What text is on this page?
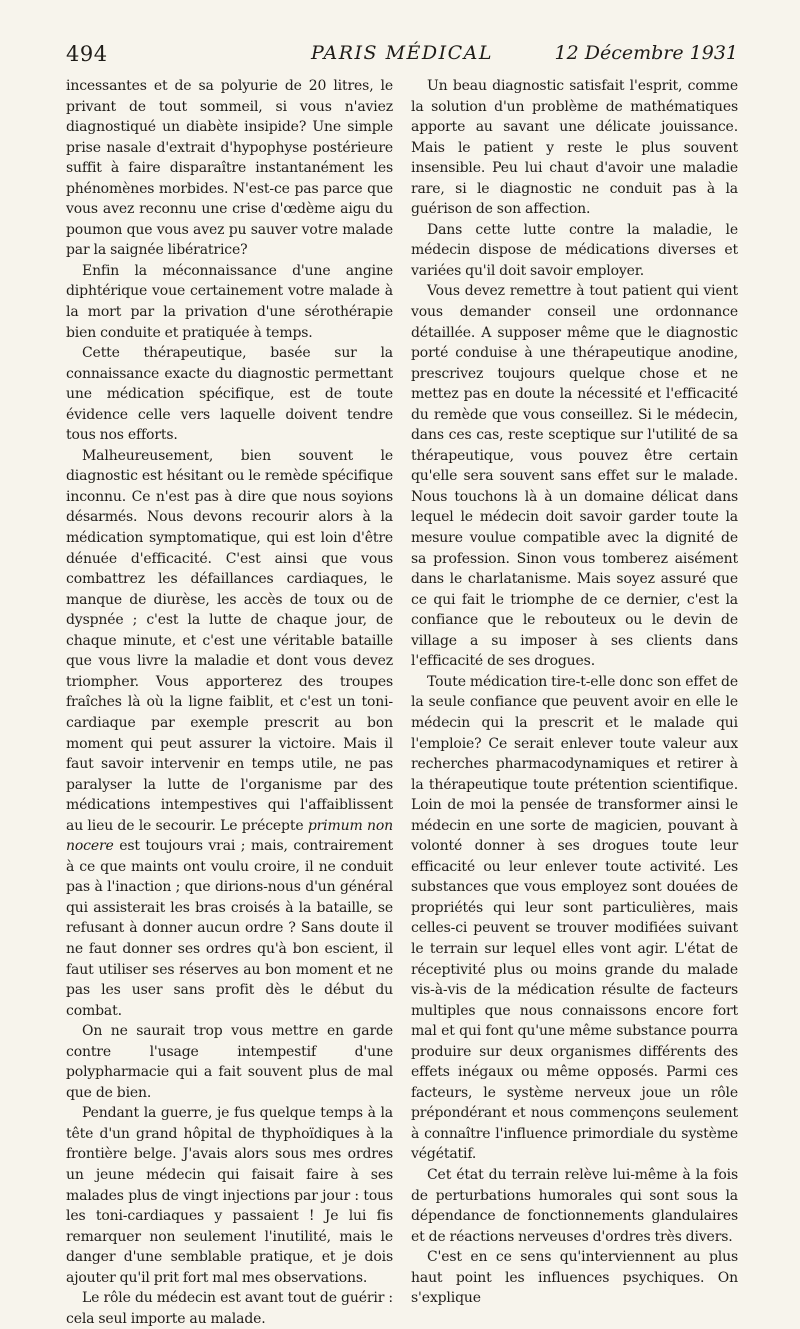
494	PARIS MÉDICAL	12 Décembre 1931

incessantes et de sa polyurie de 20 litres, le privant de tout sommeil, si vous n'aviez diagnostiqué un diabète insipide? Une simple prise nasale d'extrait d'hypophyse postérieure suffit à faire disparaître instantanément les phénomènes morbides. N'est-ce pas parce que vous avez reconnu une crise d'œdème aigu du poumon que vous avez pu sauver votre malade par la saignée libératrice?

Enfin la méconnaissance d'une angine diphtérique voue certainement votre malade à la mort par la privation d'une sérothérapie bien conduite et pratiquée à temps.

Cette thérapeutique, basée sur la connaissance exacte du diagnostic permettant une médication spécifique, est de toute évidence celle vers laquelle doivent tendre tous nos efforts.

Malheureusement, bien souvent le diagnostic est hésitant ou le remède spécifique inconnu. Ce n'est pas à dire que nous soyions désarmés. Nous devons recourir alors à la médication symptomatique, qui est loin d'être dénuée d'efficacité. C'est ainsi que vous combattrez les défaillances cardiaques, le manque de diurèse, les accès de toux ou de dyspnée ; c'est la lutte de chaque jour, de chaque minute, et c'est une véritable bataille que vous livre la maladie et dont vous devez triompher. Vous apporterez des troupes fraîches là où la ligne faiblit, et c'est un toni-cardiaque par exemple prescrit au bon moment qui peut assurer la victoire. Mais il faut savoir intervenir en temps utile, ne pas paralyser la lutte de l'organisme par des médications intempestives qui l'affaiblissent au lieu de le secourir. Le précepte primum non nocere est toujours vrai ; mais, contrairement à ce que maints ont voulu croire, il ne conduit pas à l'inaction ; que dirions-nous d'un général qui assisterait les bras croisés à la bataille, se refusant à donner aucun ordre ? Sans doute il ne faut donner ses ordres qu'à bon escient, il faut utiliser ses réserves au bon moment et ne pas les user sans profit dès le début du combat.

On ne saurait trop vous mettre en garde contre l'usage intempestif d'une polypharmacie qui a fait souvent plus de mal que de bien.

Pendant la guerre, je fus quelque temps à la tête d'un grand hôpital de thyphoïdiques à la frontière belge. J'avais alors sous mes ordres un jeune médecin qui faisait faire à ses malades plus de vingt injections par jour : tous les toni-cardiaques y passaient ! Je lui fis remarquer non seulement l'inutilité, mais le danger d'une semblable pratique, et je dois ajouter qu'il prit fort mal mes observations.

Le rôle du médecin est avant tout de guérir : cela seul importe au malade.

Un beau diagnostic satisfait l'esprit, comme la solution d'un problème de mathématiques apporte au savant une délicate jouissance. Mais le patient y reste le plus souvent insensible. Peu lui chaut d'avoir une maladie rare, si le diagnostic ne conduit pas à la guérison de son affection.

Dans cette lutte contre la maladie, le médecin dispose de médications diverses et variées qu'il doit savoir employer.

Vous devez remettre à tout patient qui vient vous demander conseil une ordonnance détaillée. A supposer même que le diagnostic porté conduise à une thérapeutique anodine, prescrivez toujours quelque chose et ne mettez pas en doute la nécessité et l'efficacité du remède que vous conseillez. Si le médecin, dans ces cas, reste sceptique sur l'utilité de sa thérapeutique, vous pouvez être certain qu'elle sera souvent sans effet sur le malade. Nous touchons là à un domaine délicat dans lequel le médecin doit savoir garder toute la mesure voulue compatible avec la dignité de sa profession. Sinon vous tomberez aisément dans le charlatanisme. Mais soyez assuré que ce qui fait le triomphe de ce dernier, c'est la confiance que le rebouteux ou le devin de village a su imposer à ses clients dans l'efficacité de ses drogues.

Toute médication tire-t-elle donc son effet de la seule confiance que peuvent avoir en elle le médecin qui la prescrit et le malade qui l'emploie? Ce serait enlever toute valeur aux recherches pharmacodynamiques et retirer à la thérapeutique toute prétention scientifique. Loin de moi la pensée de transformer ainsi le médecin en une sorte de magicien, pouvant à volonté donner à ses drogues toute leur efficacité ou leur enlever toute activité. Les substances que vous employez sont douées de propriétés qui leur sont particulières, mais celles-ci peuvent se trouver modifiées suivant le terrain sur lequel elles vont agir. L'état de réceptivité plus ou moins grande du malade vis-à-vis de la médication résulte de facteurs multiples que nous connaissons encore fort mal et qui font qu'une même substance pourra produire sur deux organismes différents des effets inégaux ou même opposés. Parmi ces facteurs, le système nerveux joue un rôle prépondérant et nous commençons seulement à connaître l'influence primordiale du système végétatif.

Cet état du terrain relève lui-même à la fois de perturbations humorales qui sont sous la dépendance de fonctionnements glandulaires et de réactions nerveuses d'ordres très divers.

C'est en ce sens qu'interviennent au plus haut point les influences psychiques. On s'explique
